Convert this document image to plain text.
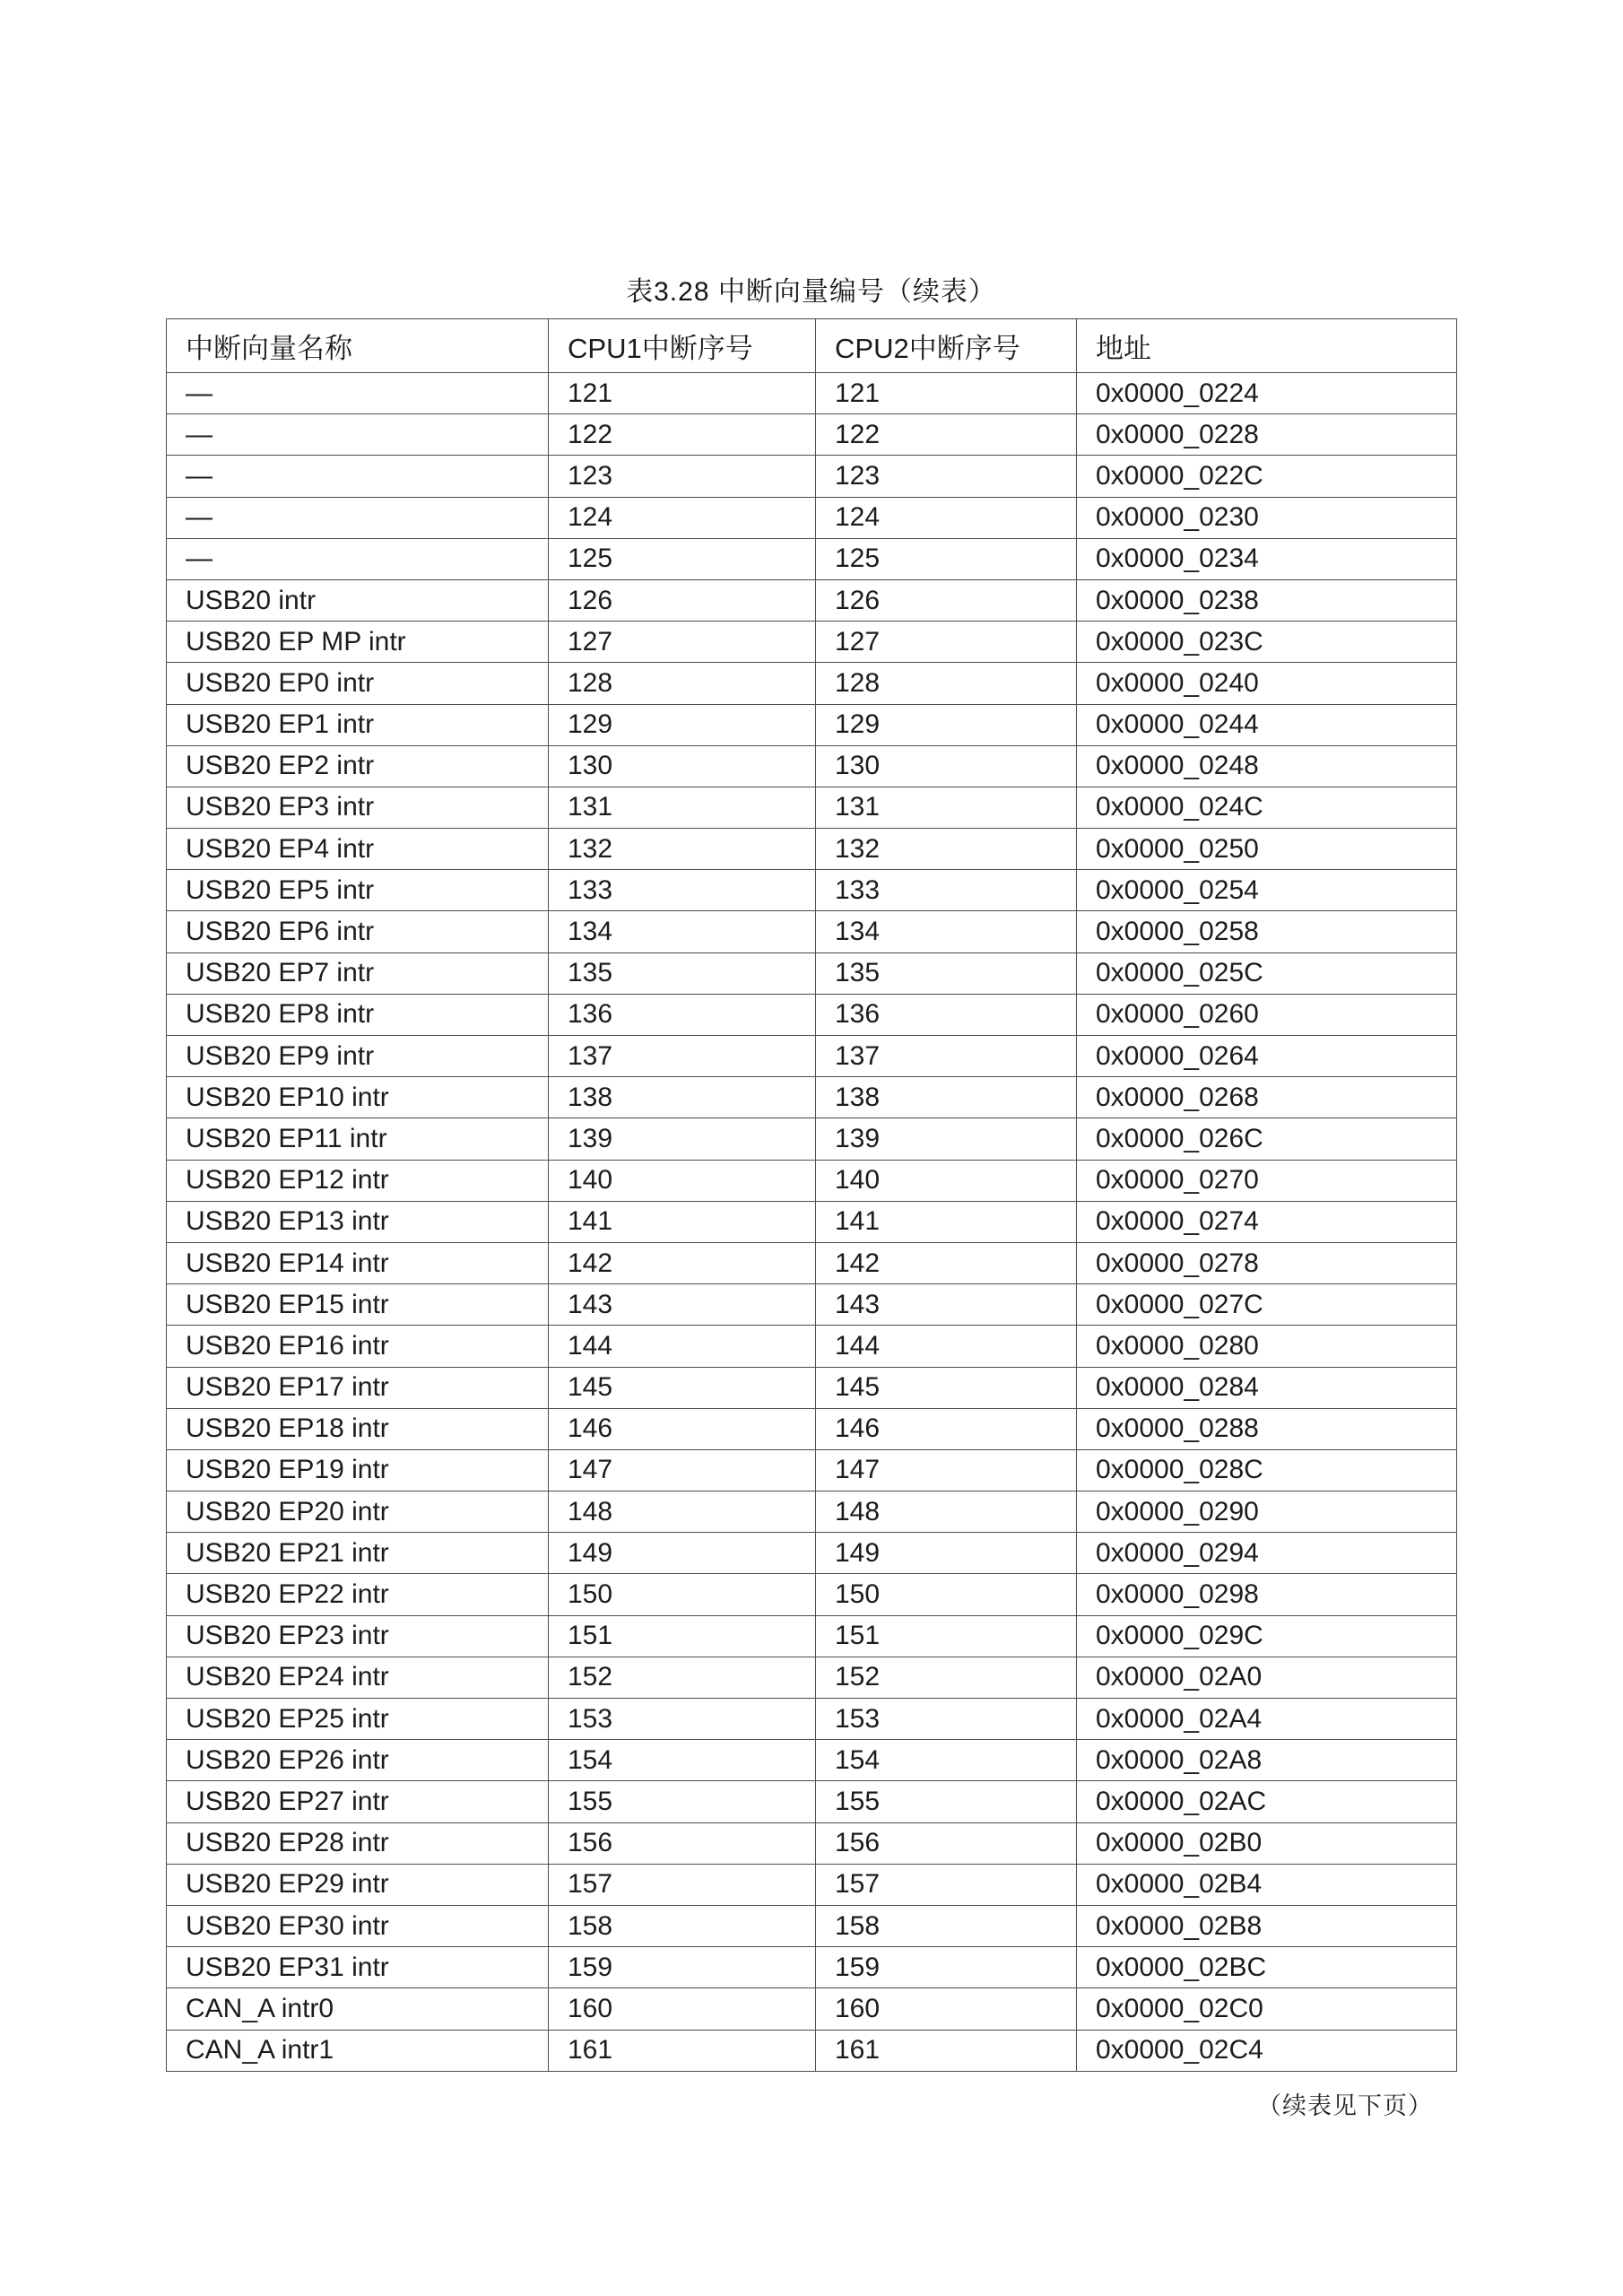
表3.28 中断向量编号（续表）
中断向量名称	CPU1中断序号	CPU2中断序号	地址
—	121	121	0x0000_0224
—	122	122	0x0000_0228
—	123	123	0x0000_022C
—	124	124	0x0000_0230
—	125	125	0x0000_0234
USB20 intr	126	126	0x0000_0238
USB20 EP MP intr	127	127	0x0000_023C
USB20 EP0 intr	128	128	0x0000_0240
USB20 EP1 intr	129	129	0x0000_0244
USB20 EP2 intr	130	130	0x0000_0248
USB20 EP3 intr	131	131	0x0000_024C
USB20 EP4 intr	132	132	0x0000_0250
USB20 EP5 intr	133	133	0x0000_0254
USB20 EP6 intr	134	134	0x0000_0258
USB20 EP7 intr	135	135	0x0000_025C
USB20 EP8 intr	136	136	0x0000_0260
USB20 EP9 intr	137	137	0x0000_0264
USB20 EP10 intr	138	138	0x0000_0268
USB20 EP11 intr	139	139	0x0000_026C
USB20 EP12 intr	140	140	0x0000_0270
USB20 EP13 intr	141	141	0x0000_0274
USB20 EP14 intr	142	142	0x0000_0278
USB20 EP15 intr	143	143	0x0000_027C
USB20 EP16 intr	144	144	0x0000_0280
USB20 EP17 intr	145	145	0x0000_0284
USB20 EP18 intr	146	146	0x0000_0288
USB20 EP19 intr	147	147	0x0000_028C
USB20 EP20 intr	148	148	0x0000_0290
USB20 EP21 intr	149	149	0x0000_0294
USB20 EP22 intr	150	150	0x0000_0298
USB20 EP23 intr	151	151	0x0000_029C
USB20 EP24 intr	152	152	0x0000_02A0
USB20 EP25 intr	153	153	0x0000_02A4
USB20 EP26 intr	154	154	0x0000_02A8
USB20 EP27 intr	155	155	0x0000_02AC
USB20 EP28 intr	156	156	0x0000_02B0
USB20 EP29 intr	157	157	0x0000_02B4
USB20 EP30 intr	158	158	0x0000_02B8
USB20 EP31 intr	159	159	0x0000_02BC
CAN_A intr0	160	160	0x0000_02C0
CAN_A intr1	161	161	0x0000_02C4
（续表见下页）
